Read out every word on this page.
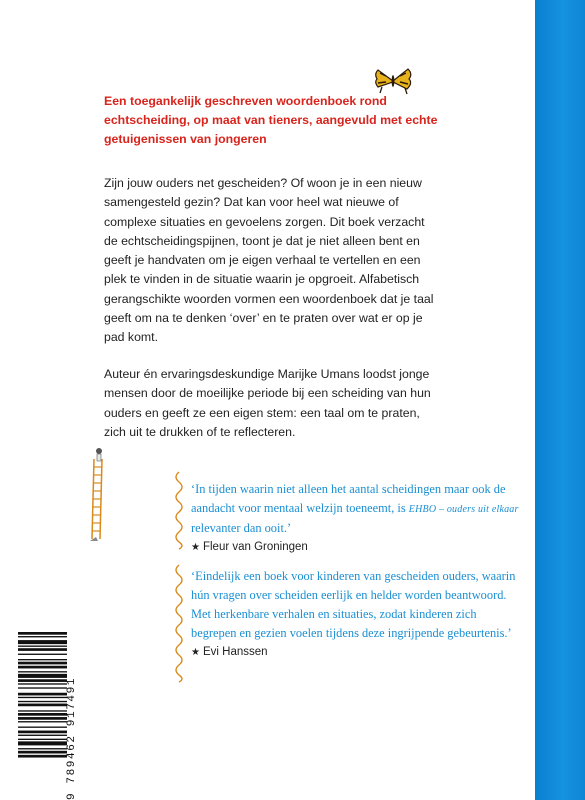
Een toegankelijk geschreven woordenboek rond echtscheiding, op maat van tieners, aangevuld met echte getuigenissen van jongeren

Zijn jouw ouders net gescheiden? Of woon je in een nieuw samengesteld gezin? Dat kan voor heel wat nieuwe of complexe situaties en gevoelens zorgen. Dit boek verzacht de echtscheidingspijnen, toont je dat je niet alleen bent en geeft je handvaten om je eigen verhaal te vertellen en een plek te vinden in de situatie waarin je opgroeit. Alfabetisch gerangschikte woorden vormen een woordenboek dat je taal geeft om na te denken ‘over’ en te praten over wat er op je pad komt.

Auteur én ervaringsdeskundige Marijke Umans loodst jonge mensen door de moeilijke periode bij een scheiding van hun ouders en geeft ze een eigen stem: een taal om te praten, zich uit te drukken of te reflecteren.

‘In tijden waarin niet alleen het aantal scheidingen maar ook de aandacht voor mentaal welzijn toeneemt, is EHBO – ouders uit elkaar relevanter dan ooit.’
★ Fleur van Groningen
‘Eindelijk een boek voor kinderen van gescheiden ouders, waarin hún vragen over scheiden eerlijk en helder worden beantwoord. Met herkenbare verhalen en situaties, zodat kinderen zich begrepen en gezien voelen tijdens deze ingrijpende gebeurtenis.’
★ Evi Hanssen
9 789462 917491
